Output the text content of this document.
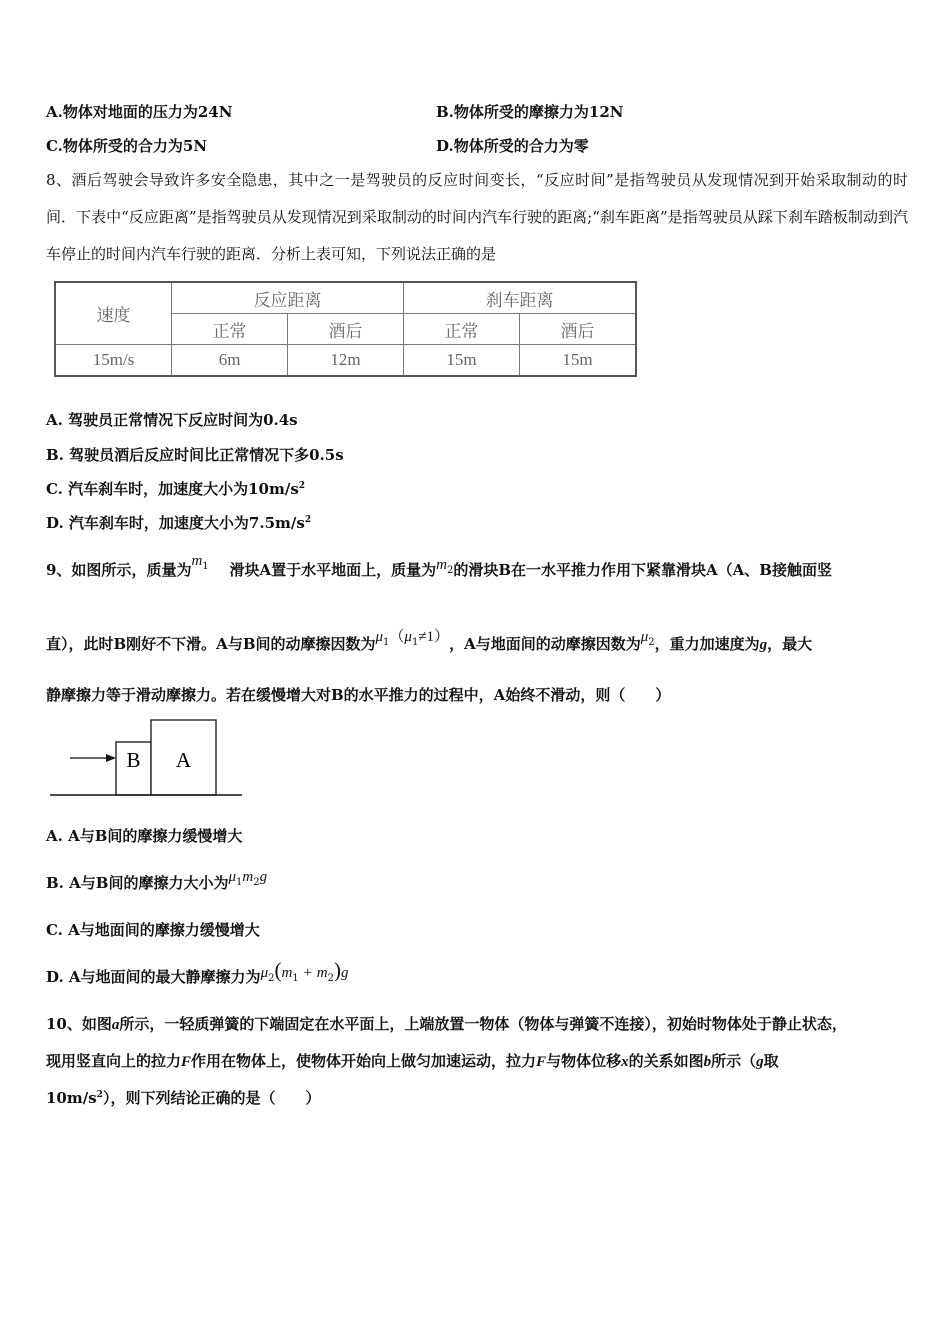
A.物体对地面的压力为24N	B.物体所受的摩擦力为12N
C.物体所受的合力为5N	D.物体所受的合力为零
8、酒后驾驶会导致许多安全隐患，其中之一是驾驶员的反应时间变长，“反应时间”是指驾驶员从发现情况到开始采取制动的时间．下表中“反应距离”是指驾驶员从发现情况到采取制动的时间内汽车行驶的距离;“刹车距离”是指驾驶员从踩下刹车踏板制动到汽车停止的时间内汽车行驶的距离．分析上表可知，下列说法正确的是
速度	反应距离		刹车距离	
	正常	酒后	正常	酒后
15m/s	6m	12m	15m	15m
A. 驾驶员正常情况下反应时间为0.4s
B. 驾驶员酒后反应时间比正常情况下多0.5s
C. 汽车刹车时，加速度大小为$10m/s^2$
D. 汽车刹车时，加速度大小为$7.5m/s^2$
9、如图所示，质量为$m_1$ 滑块A置于水平地面上，质量为$m_2$的滑块B在一水平推力作用下紧靠滑块A（A、B接触面竖
直），此时B刚好不下滑。A与B间的动摩擦因数为$\mu_1(\mu_1\ne 1)$，A与地面间的动摩擦因数为$\mu_2$，重力加速度为g，最大
静摩擦力等于滑动摩擦力。若在缓慢增大对B的水平推力的过程中，A始终不滑动，则（　　）
B A
A. A与B间的摩擦力缓慢增大
B. A与B间的摩擦力大小为$\mu_1m_2g$
C. A与地面间的摩擦力缓慢增大
D. A与地面间的最大静摩擦力为$\mu_2(m_1 + m_2)g$
10、如图a所示，一轻质弹簧的下端固定在水平面上，上端放置一物体（物体与弹簧不连接），初始时物体处于静止状态，
现用竖直向上的拉力F作用在物体上，使物体开始向上做匀加速运动，拉力F与物体位移x的关系如图b所示（g取
$10m/s^2$），则下列结论正确的是（　　）
